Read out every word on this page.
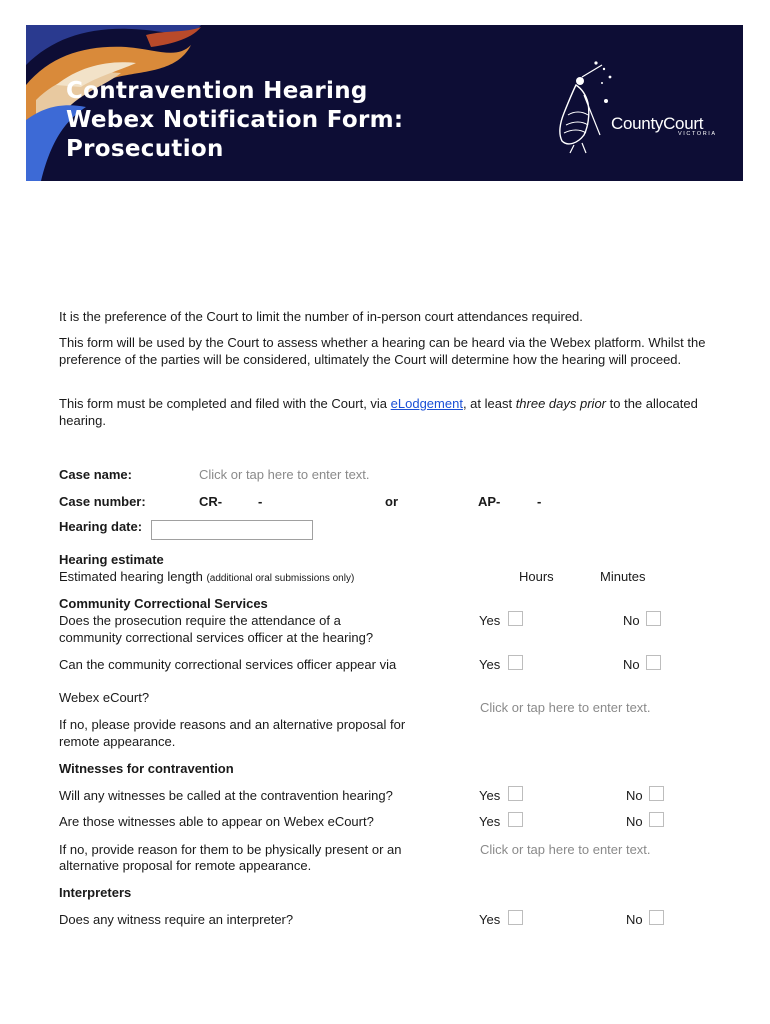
Contravention Hearing
Webex Notification Form:
Prosecution
CountyCourt
VICTORIA

It is the preference of the Court to limit the number of in-person court attendances required.

This form will be used by the Court to assess whether a hearing can be heard via the Webex platform. Whilst the preference of the parties will be considered, ultimately the Court will determine how the hearing will proceed.

This form must be completed and filed with the Court, via eLodgement, at least three days prior to the allocated hearing.

Case name:	Click or tap here to enter text.
Case number:	CR-	-	or	AP-	-
Hearing date:
Hearing estimate
Estimated hearing length (additional oral submissions only)	Hours	Minutes
Community Correctional Services
Does the prosecution require the attendance of a
community correctional services officer at the hearing?
Yes	No
Can the community correctional services officer appear via	Yes	No
Webex eCourt?
Click or tap here to enter text.
If no, please provide reasons and an alternative proposal for
remote appearance.
Witnesses for contravention
Will any witnesses be called at the contravention hearing?	Yes	No
Are those witnesses able to appear on Webex eCourt?	Yes	No
If no, provide reason for them to be physically present or an
alternative proposal for remote appearance.
Click or tap here to enter text.
Interpreters
Does any witness require an interpreter?	Yes	No
